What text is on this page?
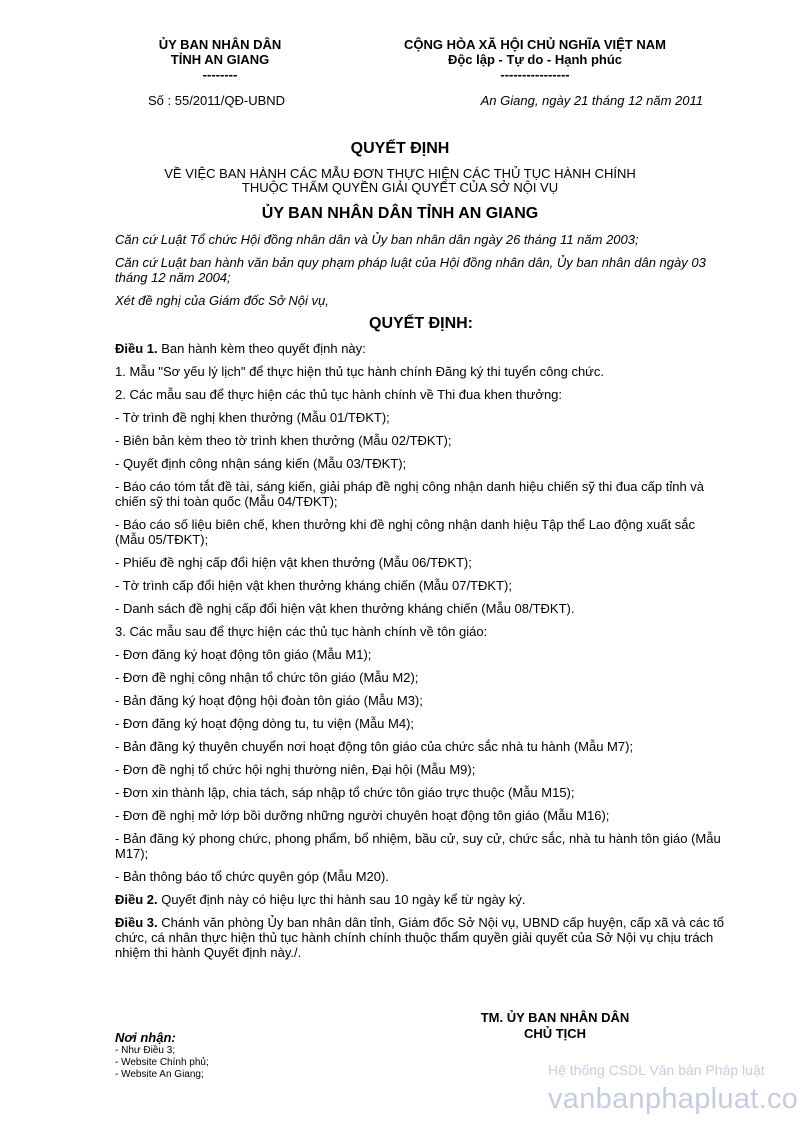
ỦY BAN NHÂN DÂN
TỈNH AN GIANG
--------
CỘNG HÒA XÃ HỘI CHỦ NGHĨA VIỆT NAM
Độc lập - Tự do - Hạnh phúc
----------------
Số : 55/2011/QĐ-UBND	An Giang, ngày 21 tháng 12 năm 2011
QUYẾT ĐỊNH
VỀ VIỆC BAN HÀNH CÁC MẪU ĐƠN THỰC HIỆN CÁC THỦ TỤC HÀNH CHÍNH THUỘC THẨM QUYỀN GIẢI QUYẾT CỦA SỞ NỘI VỤ
ỦY BAN NHÂN DÂN TỈNH AN GIANG

Căn cứ Luật Tổ chức Hội đồng nhân dân và Ủy ban nhân dân ngày 26 tháng 11 năm 2003;

Căn cứ Luật ban hành văn bản quy phạm pháp luật của Hội đồng nhân dân, Ủy ban nhân dân ngày 03 tháng 12 năm 2004;

Xét đề nghị của Giám đốc Sở Nội vụ,

QUYẾT ĐỊNH:

Điều 1. Ban hành kèm theo quyết định này:

1. Mẫu "Sơ yếu lý lịch" để thực hiện thủ tục hành chính Đăng ký thi tuyển công chức.

2. Các mẫu sau để thực hiện các thủ tục hành chính về Thi đua khen thưởng:

- Tờ trình đề nghị khen thưởng (Mẫu 01/TĐKT);

- Biên bản kèm theo tờ trình khen thưởng (Mẫu 02/TĐKT);

- Quyết định công nhận sáng kiến (Mẫu 03/TĐKT);

- Báo cáo tóm tắt đề tài, sáng kiến, giải pháp đề nghị công nhận danh hiệu chiến sỹ thi đua cấp tỉnh và chiến sỹ thi toàn quốc (Mẫu 04/TĐKT);

- Báo cáo số liệu biên chế, khen thưởng khi đề nghị công nhận danh hiệu Tập thể Lao động xuất sắc (Mẫu 05/TĐKT);

- Phiếu đề nghị cấp đổi hiện vật khen thưởng (Mẫu 06/TĐKT);

- Tờ trình cấp đổi hiện vật khen thưởng kháng chiến (Mẫu 07/TĐKT);

- Danh sách đề nghị cấp đổi hiện vật khen thưởng kháng chiến (Mẫu 08/TĐKT).

3. Các mẫu sau để thực hiện các thủ tục hành chính về tôn giáo:

- Đơn đăng ký hoạt động tôn giáo (Mẫu M1);

- Đơn đề nghị công nhận tổ chức tôn giáo (Mẫu M2);

- Bản đăng ký hoạt động hội đoàn tôn giáo (Mẫu M3);

- Đơn đăng ký hoạt động dòng tu, tu viện (Mẫu M4);

- Bản đăng ký thuyên chuyển nơi hoạt động tôn giáo của chức sắc nhà tu hành (Mẫu M7);

- Đơn đề nghị tổ chức hội nghị thường niên, Đại hội (Mẫu M9);

- Đơn xin thành lập, chia tách, sáp nhập tổ chức tôn giáo trực thuộc (Mẫu M15);

- Đơn đề nghị mở lớp bồi dưỡng những người chuyên hoạt động tôn giáo (Mẫu M16);

- Bản đăng ký phong chức, phong phẩm, bổ nhiệm, bầu cử, suy cử, chức sắc, nhà tu hành tôn giáo (Mẫu M17);

- Bản thông báo tổ chức quyên góp (Mẫu M20).

Điều 2. Quyết định này có hiệu lực thi hành sau 10 ngày kể từ ngày ký.

Điều 3. Chánh văn phòng Ủy ban nhân dân tỉnh, Giám đốc Sở Nội vụ, UBND cấp huyện, cấp xã và các tổ chức, cá nhân thực hiện thủ tục hành chính chính thuộc thẩm quyền giải quyết của Sở Nội vụ chịu trách nhiệm thi hành Quyết định này./.

TM. ỦY BAN NHÂN DÂN
CHỦ TỊCH
Nơi nhận:
- Như Điều 3;
- Website Chính phủ;
- Website An Giang;	Hệ thống CSDL Văn bản Pháp luật
vanbanphapluat.co
